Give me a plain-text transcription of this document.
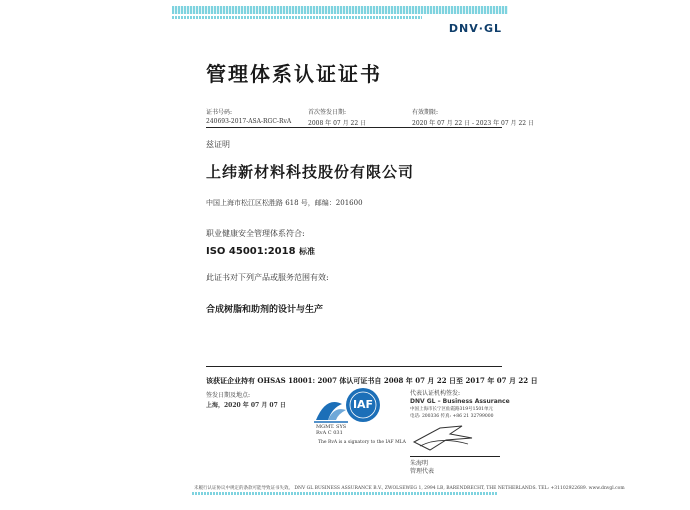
DNV·GL
管理体系认证证书
证书号码:
240693-2017-ASA-RGC-RvA
首次签发日期:
2008 年 07 月 22 日
有效期限:
2020 年 07 月 22 日 - 2023 年 07 月 22 日
兹证明
上纬新材料科技股份有限公司
中国上海市松江区松胜路 618 号，邮编：201600
职业健康安全管理体系符合:
ISO 45001:2018 标准
此证书对下列产品或服务范围有效:
合成树脂和助剂的设计与生产
该获证企业持有 OHSAS 18001: 2007 体认可证书自 2008 年 07 月 22 日至 2017 年 07 月 22 日
签发日期及地点:
上海，2020 年 07 月 07 日
MGMT. SYS
RvA C 031
IAF
The RvA is a signatory to the IAF MLA
代表认证机构签发:
DNV GL – Business Assurance
中国上海市长宁区仙霞路319号1501单元
电话: 200336 传真: +86 21 32799000
朱海明
管理代表
未履行认证协议中规定的条款可能导致证书失效。 DNV GL BUSINESS ASSURANCE B.V., ZWOLSEWEG 1, 2994 LB, BARENDRECHT, THE NETHERLANDS. TEL: +31102922689. www.dnvgl.com
